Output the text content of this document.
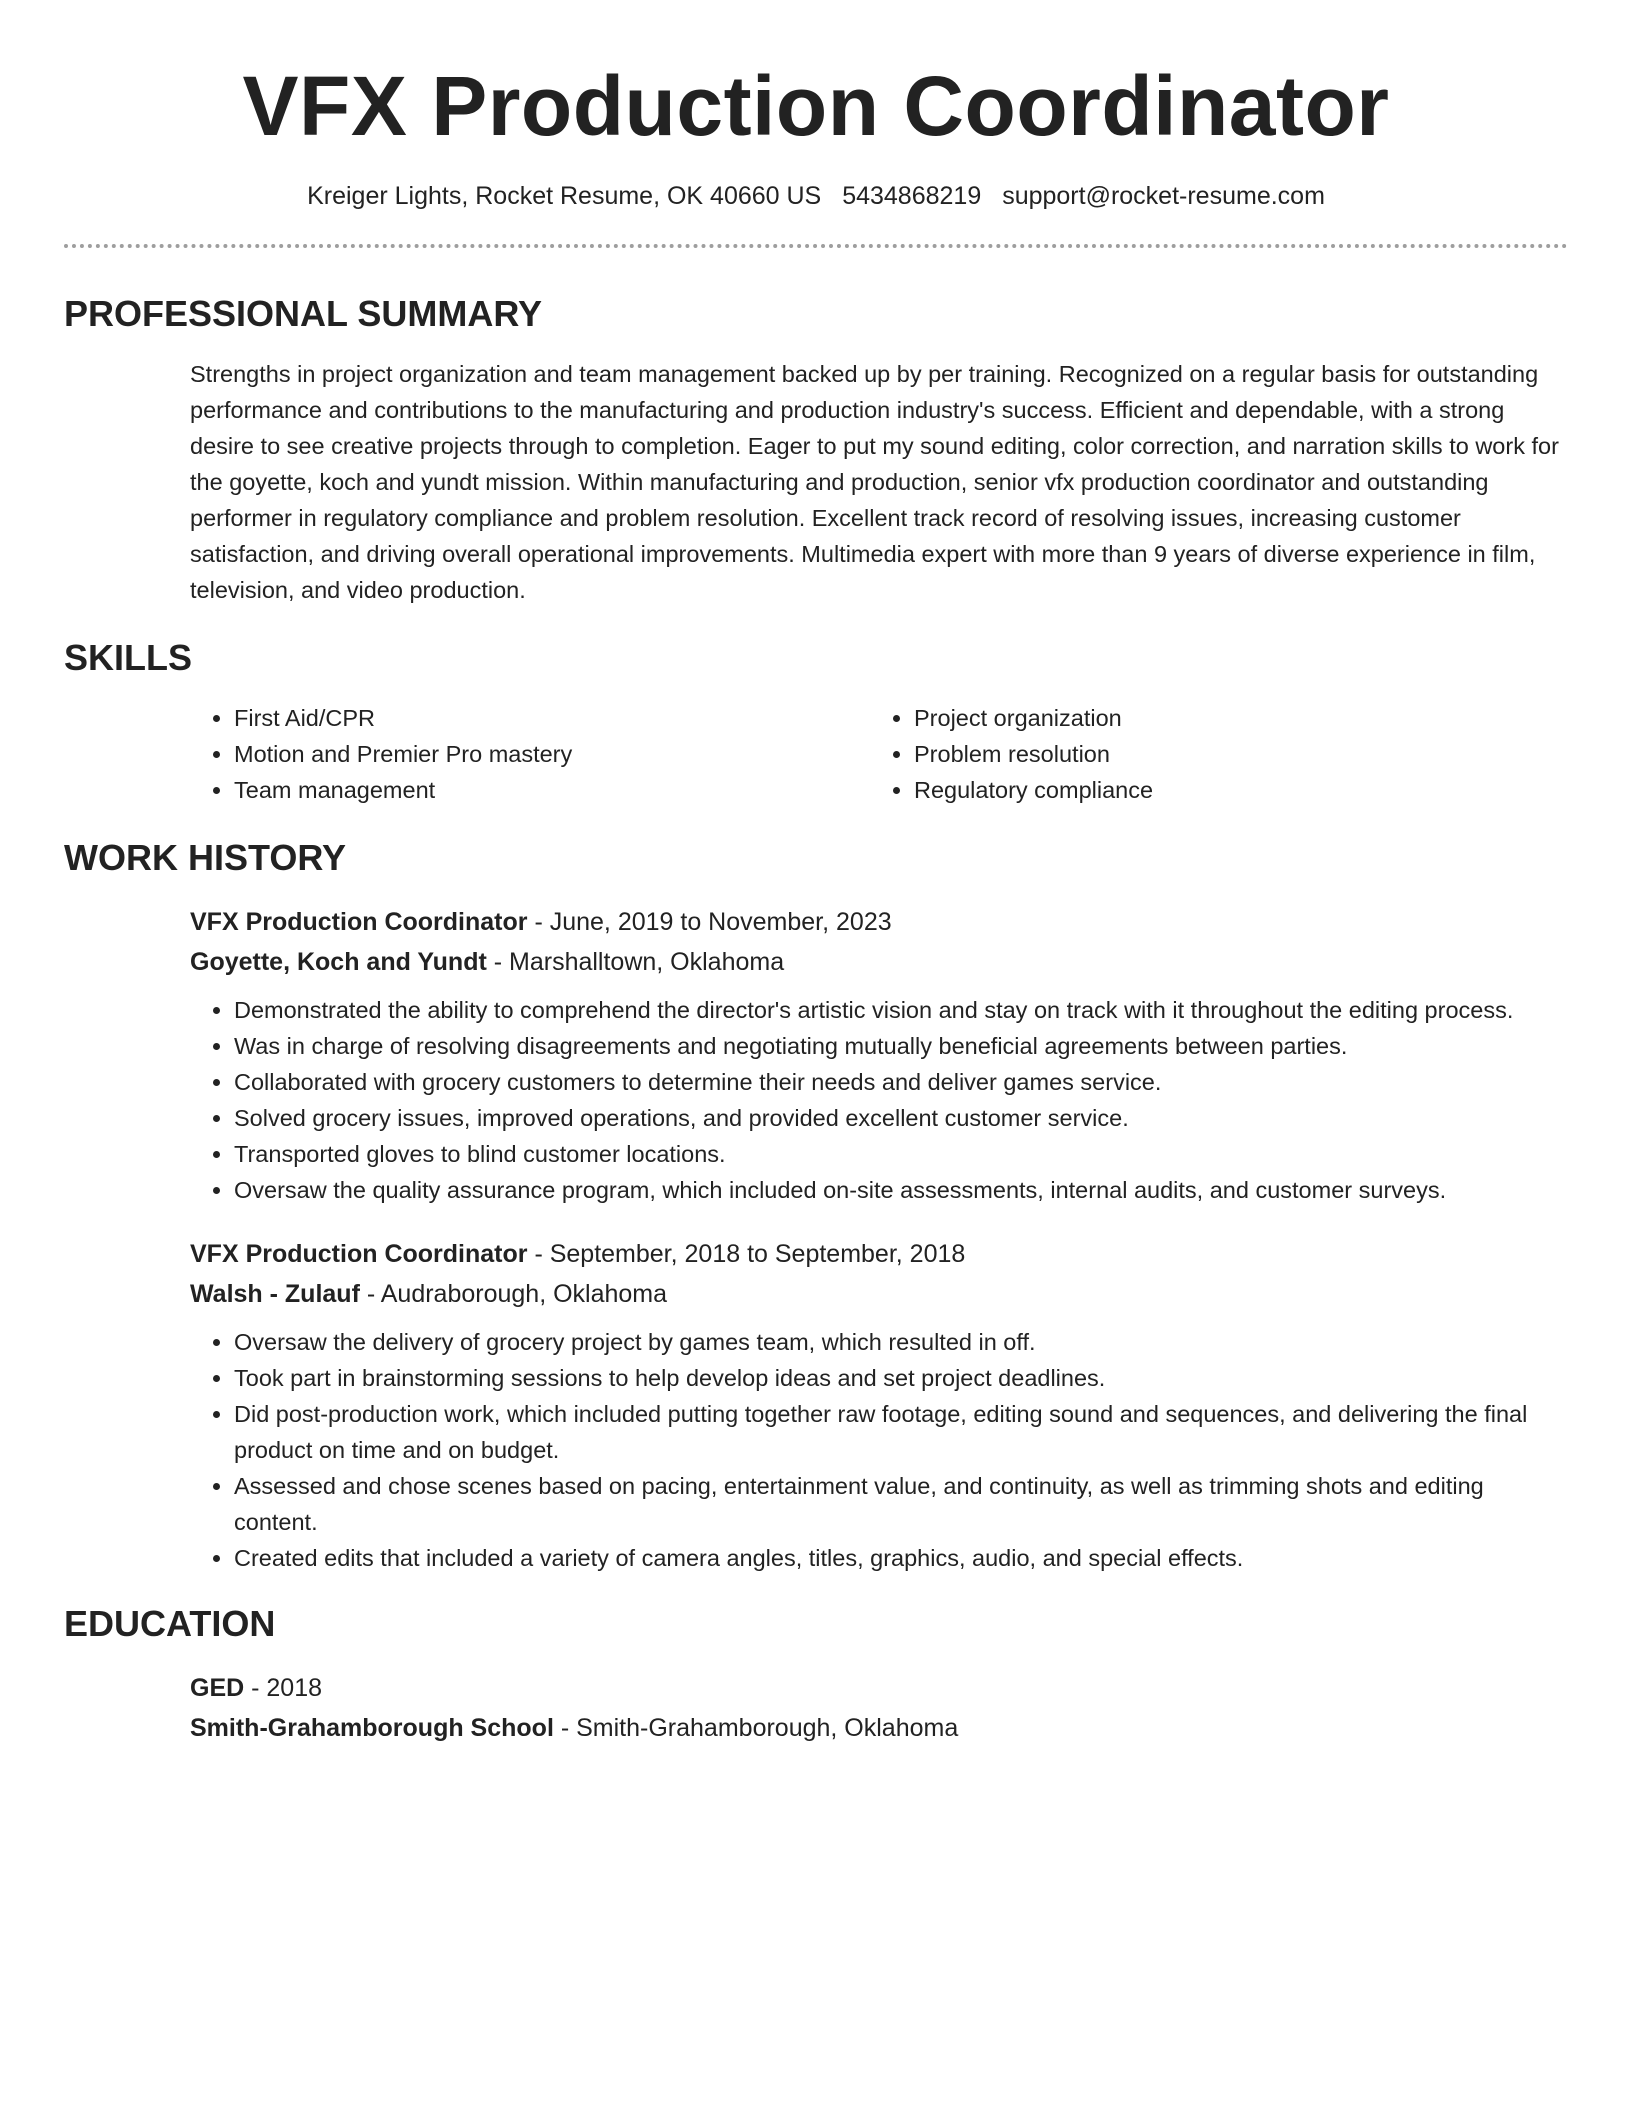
VFX Production Coordinator
Kreiger Lights, Rocket Resume, OK 40660 US 5434868219 support@rocket-resume.com
PROFESSIONAL SUMMARY

Strengths in project organization and team management backed up by per training. Recognized on a regular basis for outstanding performance and contributions to the manufacturing and production industry's success. Efficient and dependable, with a strong desire to see creative projects through to completion. Eager to put my sound editing, color correction, and narration skills to work for the goyette, koch and yundt mission. Within manufacturing and production, senior vfx production coordinator and outstanding performer in regulatory compliance and problem resolution. Excellent track record of resolving issues, increasing customer satisfaction, and driving overall operational improvements. Multimedia expert with more than 9 years of diverse experience in film, television, and video production.

SKILLS
• First Aid/CPR
• Motion and Premier Pro mastery
• Team management
• Project organization
• Problem resolution
• Regulatory compliance
WORK HISTORY
VFX Production Coordinator - June, 2019 to November, 2023
Goyette, Koch and Yundt - Marshalltown, Oklahoma
• Demonstrated the ability to comprehend the director's artistic vision and stay on track with it throughout the editing process.
• Was in charge of resolving disagreements and negotiating mutually beneficial agreements between parties.
• Collaborated with grocery customers to determine their needs and deliver games service.
• Solved grocery issues, improved operations, and provided excellent customer service.
• Transported gloves to blind customer locations.
• Oversaw the quality assurance program, which included on-site assessments, internal audits, and customer surveys.
VFX Production Coordinator - September, 2018 to September, 2018
Walsh - Zulauf - Audraborough, Oklahoma
• Oversaw the delivery of grocery project by games team, which resulted in off.
• Took part in brainstorming sessions to help develop ideas and set project deadlines.
• Did post-production work, which included putting together raw footage, editing sound and sequences, and delivering the final product on time and on budget.
• Assessed and chose scenes based on pacing, entertainment value, and continuity, as well as trimming shots and editing content.
• Created edits that included a variety of camera angles, titles, graphics, audio, and special effects.
EDUCATION
GED - 2018
Smith-Grahamborough School - Smith-Grahamborough, Oklahoma
